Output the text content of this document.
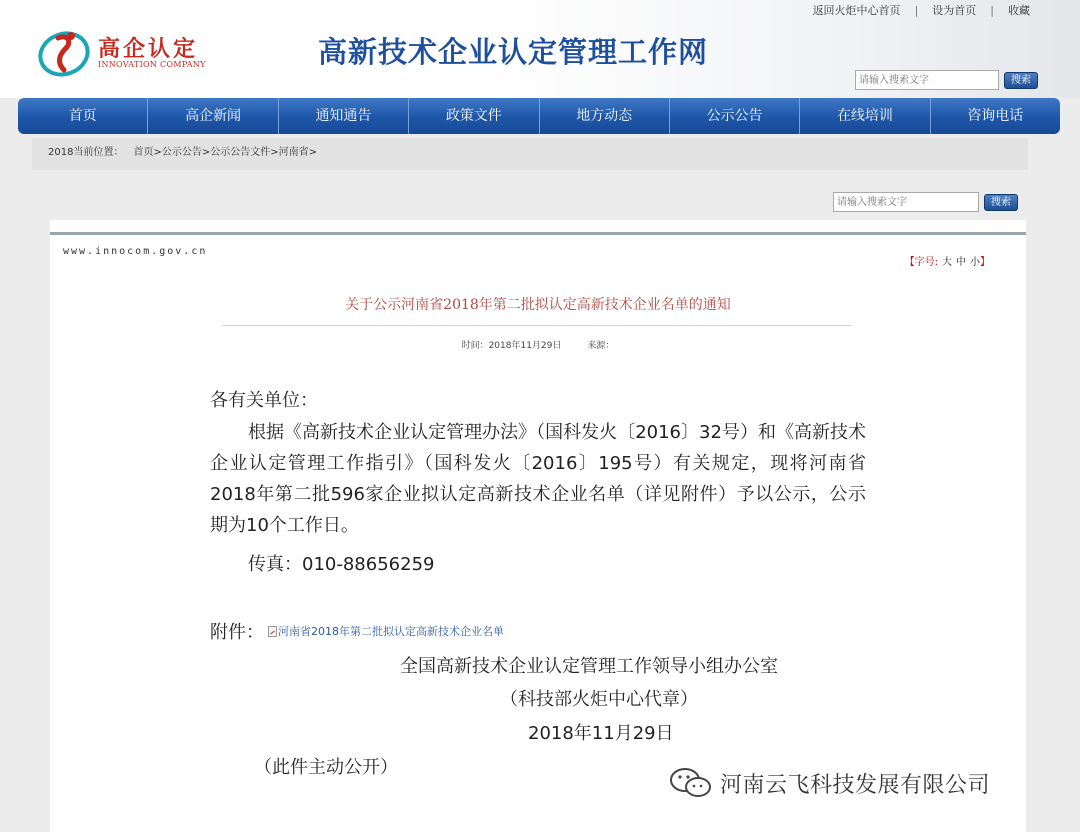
返回火炬中心首页 | 设为首页 | 收藏
高企认定
INNOVATION COMPANY	高新技术企业认定管理工作网
请输入搜索文字
搜索
首页	高企新闻	通知通告	政策文件	地方动态	公示公告	在线培训	咨询电话
2018当前位置： 首页>公示公告>公示公告文件>河南省>
请输入搜索文字
搜索
www.innocom.gov.cn
【字号: 大 中 小】
关于公示河南省2018年第二批拟认定高新技术企业名单的通知
时间：2018年11月29日	来源：
各有关单位：
根据《高新技术企业认定管理办法》（国科发火〔2016〕32号）和《高新技术企业认定管理工作指引》（国科发火〔2016〕195号）有关规定，现将河南省2018年第二批596家企业拟认定高新技术企业名单（详见附件）予以公示，公示期为10个工作日。
传真：010-88656259
附件： 河南省2018年第二批拟认定高新技术企业名单
全国高新技术企业认定管理工作领导小组办公室
（科技部火炬中心代章）
2018年11月29日
（此件主动公开）
河南云飞科技发展有限公司
